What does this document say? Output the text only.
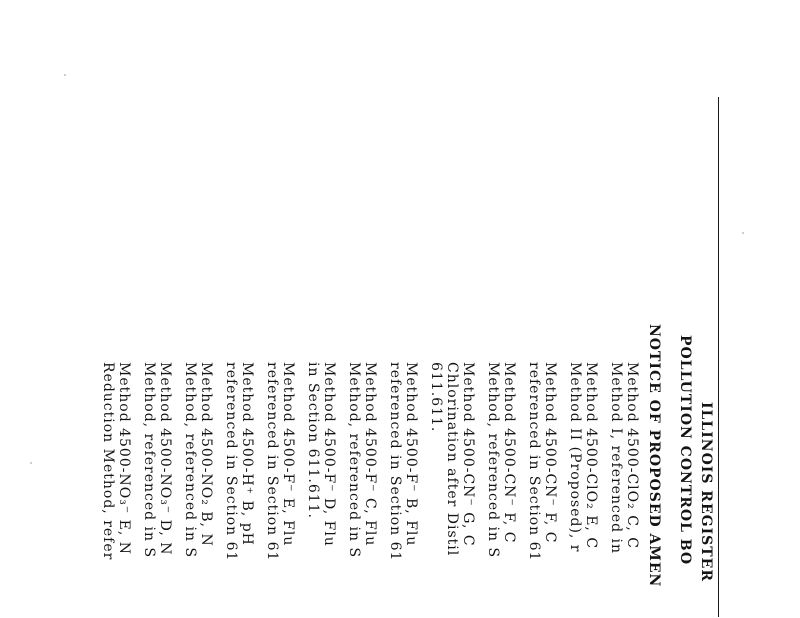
ILLINOIS REGISTER
POLLUTION CONTROL BO
NOTICE OF PROPOSED AMEN
Method 4500-ClO₂ C, C
Method I, referenced in
Method 4500-ClO₂ E, C
Method II (Proposed), r
Method 4500-CN⁻ F, C
referenced in Section 61
Method 4500-CN⁻ F, C
Method, referenced in S
Method 4500-CN⁻ G, C
Chlorination after Distil
611.611.
Method 4500-F⁻ B, Flu
referenced in Section 61
Method 4500-F⁻ C, Flu
Method, referenced in S
Method 4500-F⁻ D, Flu
in Section 611.611.
Method 4500-F⁻ E, Flu
referenced in Section 61
Method 4500-H⁺ B, pH
referenced in Section 61
Method 4500-NO₂ B, N
Method, referenced in S
Method 4500-NO₃⁻ D, N
Method, referenced in S
Method 4500-NO₃⁻ E, N
Reduction Method, refer
